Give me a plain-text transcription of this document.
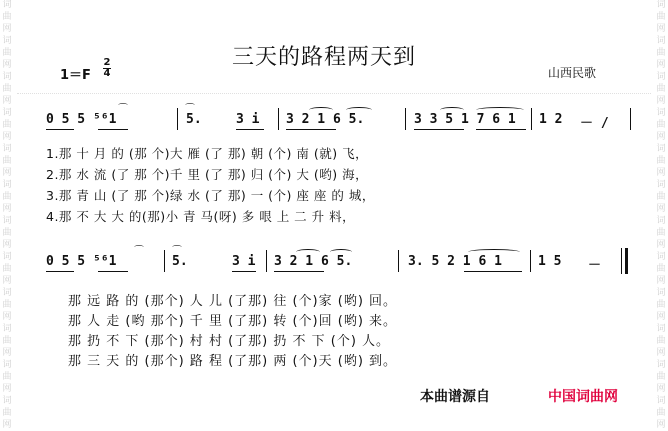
词
曲
网
词
曲
网
词
曲
网
词
曲
网
词
曲
网
词
曲
网
词
曲
网
词
曲
网
词
曲
网
词
曲
网
词
曲
网
词
曲
网
词
曲
网
词
曲
网
词
曲
网
词
曲
网
词
曲
网
词
曲
网
词
曲
网
词
曲
网
词
曲
网
词
曲
网
词
曲
网
词
曲
网
三天的路程两天到
1＝F
2
4	山西民歌
⌒	⌒
0 5 5 ⁵⁶1	5.	3 i 3 2 1 6 5.	3 3 5 1 7 6 1 1 2 － /
1.那 十 月 的 (那 个)大 雁 (了 那) 朝 (个) 南 (就) 飞，
2.那 水 流 (了 那 个)千 里 (了 那) 归 (个) 大 (哟) 海，
3.那 青 山 (了 那 个)绿 水 (了 那) 一 (个) 座 座 的 城，
4.那 不 大 大 的(那)小 青 马(呀) 多 哏 上 二 升 料，
⌒	⌒
0 5 5 ⁵⁶1	5.	3 i 3 2 1 6 5.	3. 5 2 1 6 1	1 5 －
那 远 路 的 (那个) 人 儿 (了那) 往 (个)家 (哟) 回。
那 人 走 (哟 那个) 千 里 (了那) 转 (个)回 (哟) 来。
那 扔 不 下 (那个) 村 村 (了那) 扔 不 下 (个) 人。
那 三 天 的 (那个) 路 程 (了那) 两 (个)天 (哟) 到。
本曲谱源自	中国词曲网
